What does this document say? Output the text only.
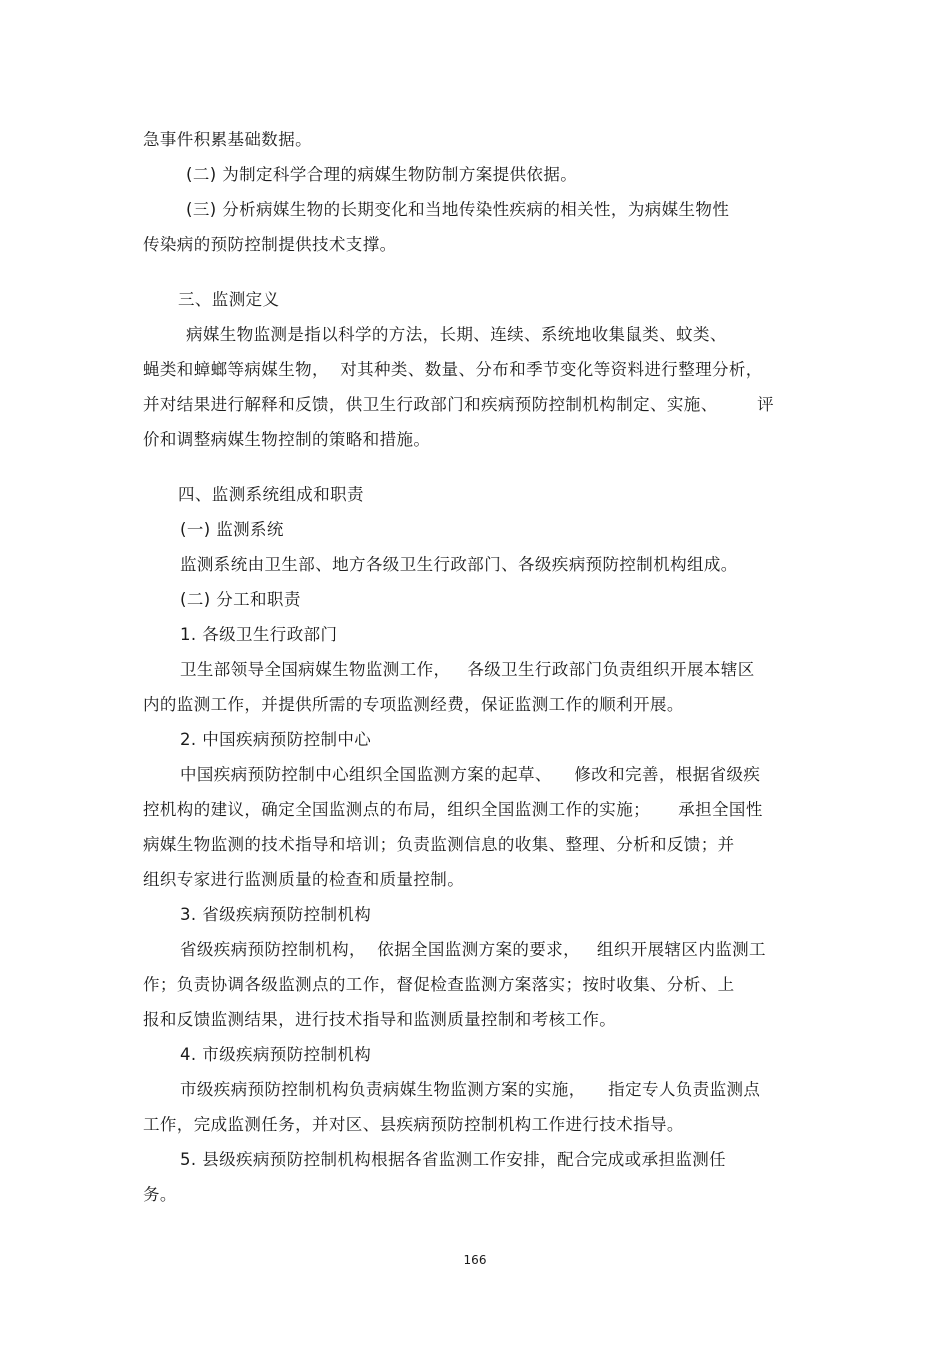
急事件积累基础数据。
(二) 为制定科学合理的病媒生物防制方案提供依据。
(三) 分析病媒生物的长期变化和当地传染性疾病的相关性，为病媒生物性
传染病的预防控制提供技术支撑。
三、监测定义
病媒生物监测是指以科学的方法，长期、连续、系统地收集鼠类、蚊类、
蝇类和蟑螂等病媒生物，  对其种类、数量、分布和季节变化等资料进行整理分析，
并对结果进行解释和反馈，供卫生行政部门和疾病预防控制机构制定、实施、       评
价和调整病媒生物控制的策略和措施。
四、监测系统组成和职责
(一) 监测系统
监测系统由卫生部、地方各级卫生行政部门、各级疾病预防控制机构组成。
(二) 分工和职责
1. 各级卫生行政部门
卫生部领导全国病媒生物监测工作，   各级卫生行政部门负责组织开展本辖区
内的监测工作，并提供所需的专项监测经费，保证监测工作的顺利开展。
2. 中国疾病预防控制中心
中国疾病预防控制中心组织全国监测方案的起草、    修改和完善，根据省级疾
控机构的建议，确定全国监测点的布局，组织全国监测工作的实施；     承担全国性
病媒生物监测的技术指导和培训；负责监测信息的收集、整理、分析和反馈；并
组织专家进行监测质量的检查和质量控制。
3. 省级疾病预防控制机构
省级疾病预防控制机构，  依据全国监测方案的要求，   组织开展辖区内监测工
作；负责协调各级监测点的工作，督促检查监测方案落实；按时收集、分析、上
报和反馈监测结果，进行技术指导和监测质量控制和考核工作。
4. 市级疾病预防控制机构
市级疾病预防控制机构负责病媒生物监测方案的实施，    指定专人负责监测点
工作，完成监测任务，并对区、县疾病预防控制机构工作进行技术指导。
5. 县级疾病预防控制机构根据各省监测工作安排，配合完成或承担监测任
务。
166
